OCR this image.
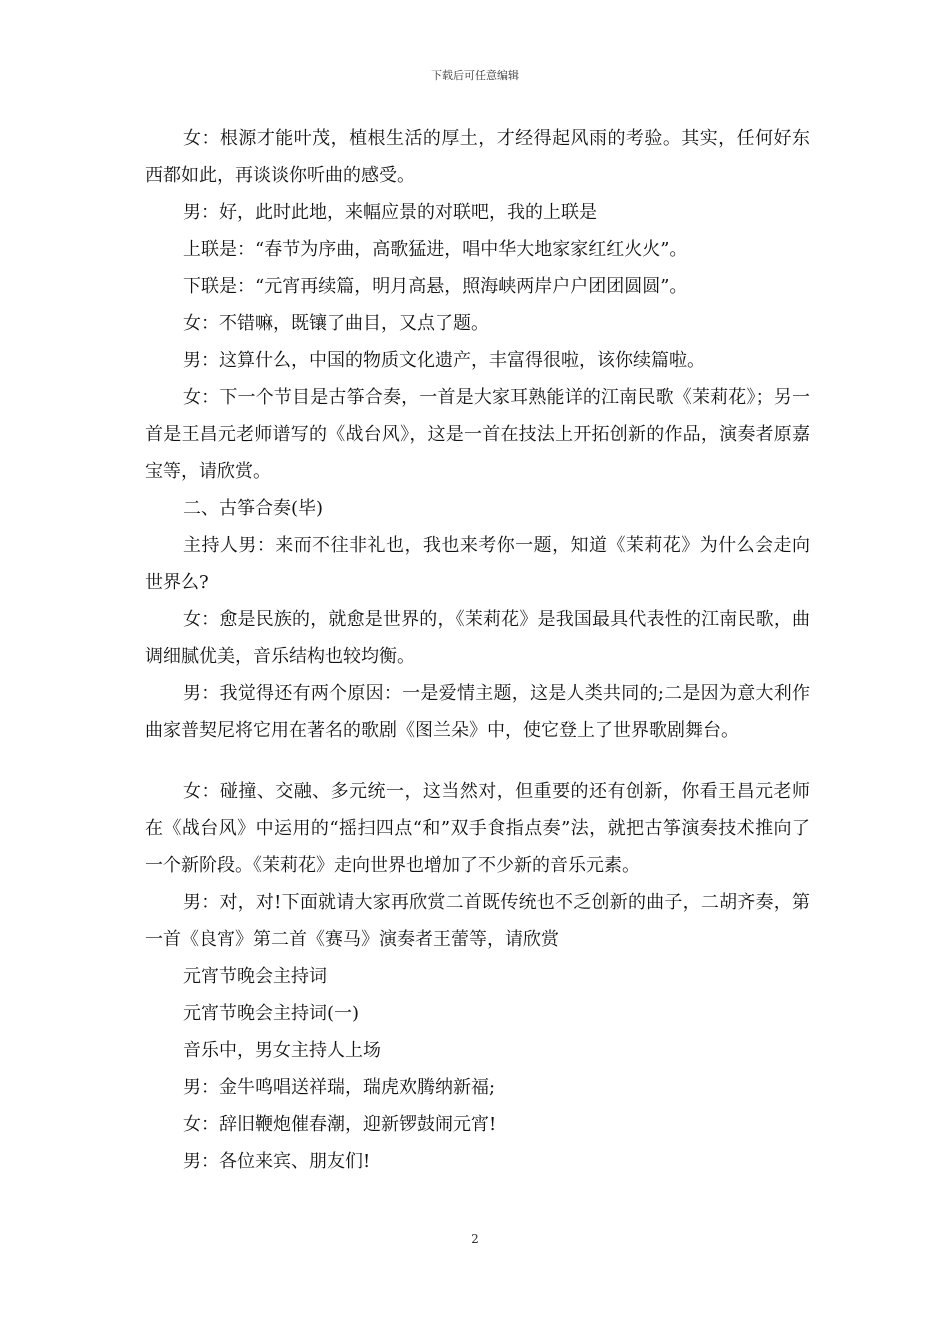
下载后可任意编辑

女：根源才能叶茂，植根生活的厚土，才经得起风雨的考验。其实，任何好东西都如此，再谈谈你听曲的感受。

男：好，此时此地，来幅应景的对联吧，我的上联是

上联是：“春节为序曲，高歌猛进，唱中华大地家家红红火火”。

下联是：“元宵再续篇，明月高悬，照海峡两岸户户团团圆圆”。

女：不错嘛，既镶了曲目，又点了题。

男：这算什么，中国的物质文化遗产，丰富得很啦，该你续篇啦。

女：下一个节目是古筝合奏，一首是大家耳熟能详的江南民歌《茉莉花》；另一首是王昌元老师谱写的《战台风》，这是一首在技法上开拓创新的作品，演奏者原嘉宝等，请欣赏。

二、古筝合奏(毕)

主持人男：来而不往非礼也，我也来考你一题，知道《茉莉花》为什么会走向世界么?

女：愈是民族的，就愈是世界的，《茉莉花》是我国最具代表性的江南民歌，曲调细腻优美，音乐结构也较均衡。

男：我觉得还有两个原因：一是爱情主题，这是人类共同的;二是因为意大利作曲家普契尼将它用在著名的歌剧《图兰朵》中，使它登上了世界歌剧舞台。

女：碰撞、交融、多元统一，这当然对，但重要的还有创新，你看王昌元老师在《战台风》中运用的“摇扫四点“和”双手食指点奏”法，就把古筝演奏技术推向了一个新阶段。《茉莉花》走向世界也增加了不少新的音乐元素。

男：对，对!下面就请大家再欣赏二首既传统也不乏创新的曲子，二胡齐奏，第一首《良宵》第二首《赛马》演奏者王蕾等，请欣赏

元宵节晚会主持词

元宵节晚会主持词(一)

音乐中，男女主持人上场

男：金牛鸣唱送祥瑞，瑞虎欢腾纳新福;

女：辞旧鞭炮催春潮，迎新锣鼓闹元宵!

男：各位来宾、朋友们!

2
